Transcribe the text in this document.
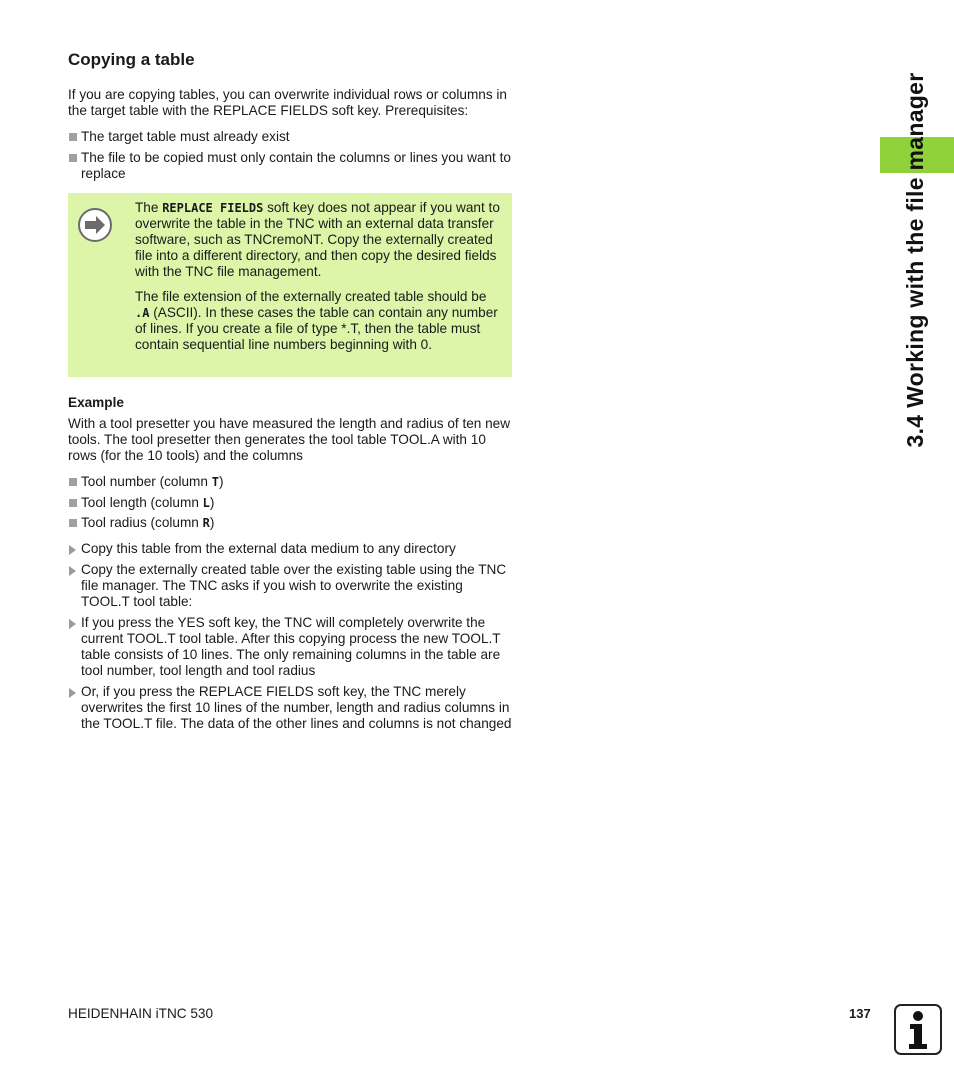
Copying a table

If you are copying tables, you can overwrite individual rows or columns in the target table with the REPLACE FIELDS soft key. Prerequisites:

The target table must already exist
The file to be copied must only contain the columns or lines you want to replace

The REPLACE FIELDS soft key does not appear if you want to overwrite the table in the TNC with an external data transfer software, such as TNCremoNT. Copy the externally created file into a different directory, and then copy the desired fields with the TNC file management.

The file extension of the externally created table should be .A (ASCII). In these cases the table can contain any number of lines. If you create a file of type *.T, then the table must contain sequential line numbers beginning with 0.

Example

With a tool presetter you have measured the length and radius of ten new tools. The tool presetter then generates the tool table TOOL.A with 10 rows (for the 10 tools) and the columns

Tool number (column T)
Tool length (column L)
Tool radius (column R)
Copy this table from the external data medium to any directory
Copy the externally created table over the existing table using the TNC file manager. The TNC asks if you wish to overwrite the existing TOOL.T tool table:
If you press the YES soft key, the TNC will completely overwrite the current TOOL.T tool table. After this copying process the new TOOL.T table consists of 10 lines. The only remaining columns in the table are tool number, tool length and tool radius
Or, if you press the REPLACE FIELDS soft key, the TNC merely overwrites the first 10 lines of the number, length and radius columns in the TOOL.T file. The data of the other lines and columns is not changed
3.4 Working with the file manager
HEIDENHAIN iTNC 530	137
